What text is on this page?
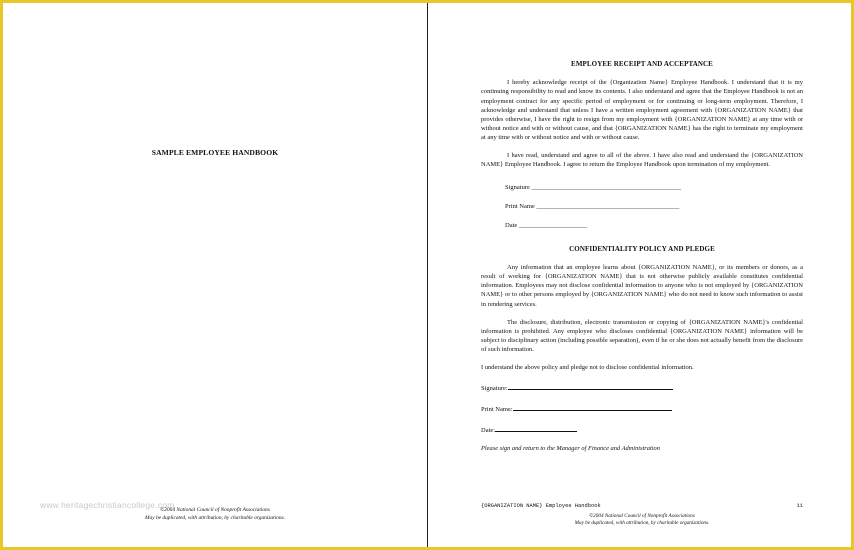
SAMPLE EMPLOYEE HANDBOOK
www.heritagechristiancollege.com
©2004 National Council of Nonprofit Associations
May be duplicated, with attribution, by charitable organizations.
EMPLOYEE RECEIPT AND ACCEPTANCE

I hereby acknowledge receipt of the {Organization Name} Employee Handbook. I understand that it is my continuing responsibility to read and know its contents. I also understand and agree that the Employee Handbook is not an employment contract for any specific period of employment or for continuing or long-term employment. Therefore, I acknowledge and understand that unless I have a written employment agreement with {ORGANIZATION NAME} that provides otherwise, I have the right to resign from my employment with {ORGANIZATION NAME} at any time with or without notice and with or without cause, and that {ORGANIZATION NAME} has the right to terminate my employment at any time with or without notice and with or without cause.

I have read, understand and agree to all of the above. I have also read and understand the {ORGANIZATION NAME} Employee Handbook. I agree to return the Employee Handbook upon termination of my employment.

Signature ______________________________________________
Print Name ____________________________________________
Date _____________________
CONFIDENTIALITY POLICY AND PLEDGE

Any information that an employee learns about {ORGANIZATION NAME}, or its members or donors, as a result of working for {ORGANIZATION NAME} that is not otherwise publicly available constitutes confidential information. Employees may not disclose confidential information to anyone who is not employed by {ORGANIZATION NAME} or to other persons employed by {ORGANIZATION NAME} who do not need to know such information to assist in rendering services.

The disclosure, distribution, electronic transmission or copying of {ORGANIZATION NAME}'s confidential information is prohibited. Any employee who discloses confidential {ORGANIZATION NAME} information will be subject to disciplinary action (including possible separation), even if he or she does not actually benefit from the disclosure of such information.

I understand the above policy and pledge not to disclose confidential information.

Signature:
Print Name:
Date:
Please sign and return to the Manager of Finance and Administration
{ORGANIZATION NAME} Employee Handbook	11
©2004 National Council of Nonprofit Associations
May be duplicated, with attribution, by charitable organizations.
